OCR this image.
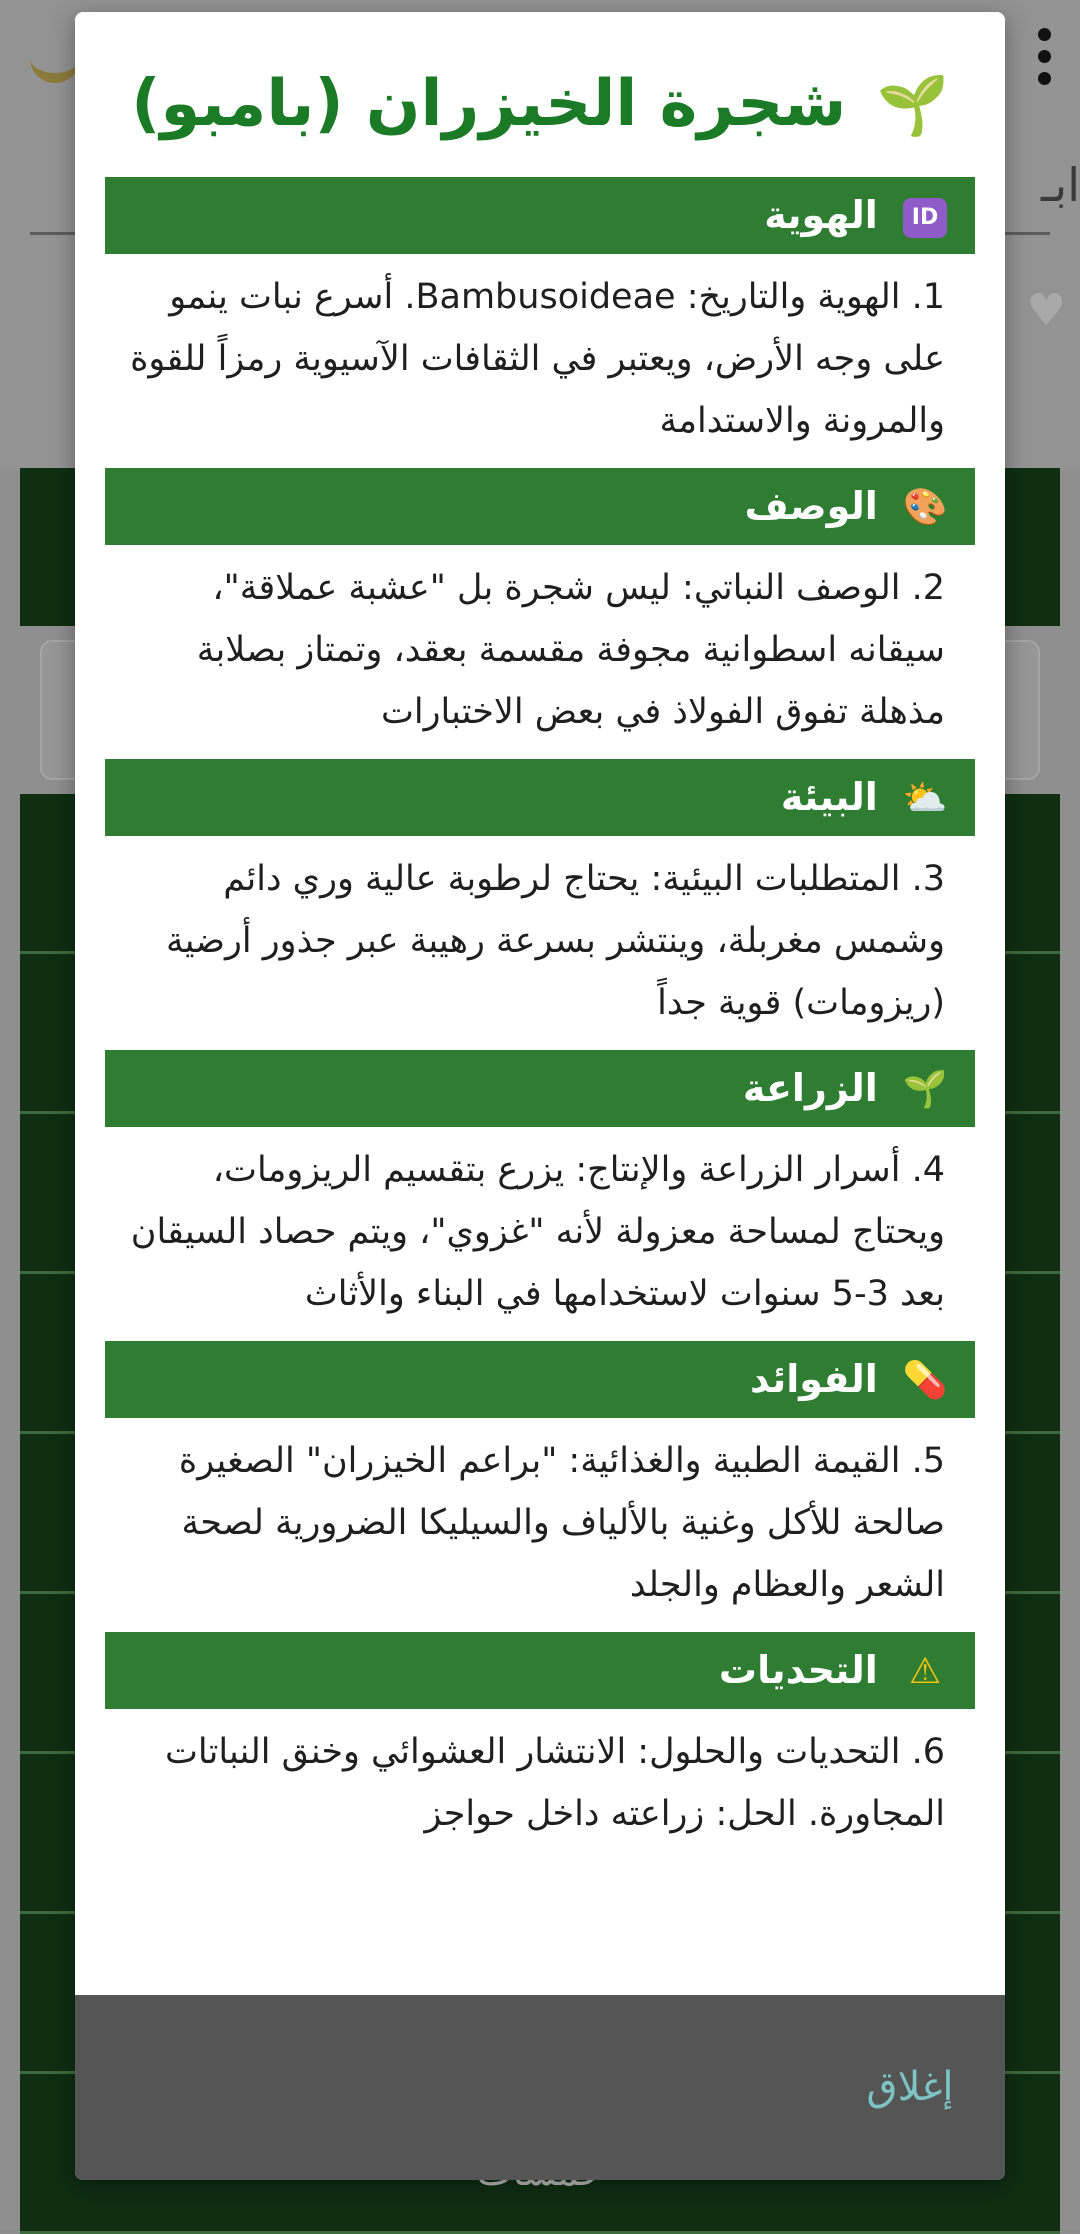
ابـ
♥
🌱 شجرة الخيزران (بامبو)
ID الهوية
1. الهوية والتاريخ: Bambusoideae. أسرع نبات ينمو على وجه الأرض، ويعتبر في الثقافات الآسيوية رمزاً للقوة والمرونة والاستدامة
🎨 الوصف
2. الوصف النباتي: ليس شجرة بل "عشبة عملاقة"، سيقانه اسطوانية مجوفة مقسمة بعقد، وتمتاز بصلابة مذهلة تفوق الفولاذ في بعض الاختبارات
⛅ البيئة
3. المتطلبات البيئية: يحتاج لرطوبة عالية وري دائم وشمس مغربلة، وينتشر بسرعة رهيبة عبر جذور أرضية (ريزومات) قوية جداً
🌱 الزراعة
4. أسرار الزراعة والإنتاج: يزرع بتقسيم الريزومات، ويحتاج لمساحة معزولة لأنه "غزوي"، ويتم حصاد السيقان بعد 3-5 سنوات لاستخدامها في البناء والأثاث
💊 الفوائد
5. القيمة الطبية والغذائية: "براعم الخيزران" الصغيرة صالحة للأكل وغنية بالألياف والسيليكا الضرورية لصحة الشعر والعظام والجلد
⚠ التحديات
6. التحديات والحلول: الانتشار العشوائي وخنق النباتات المجاورة. الحل: زراعته داخل حواجز
إغلاق
